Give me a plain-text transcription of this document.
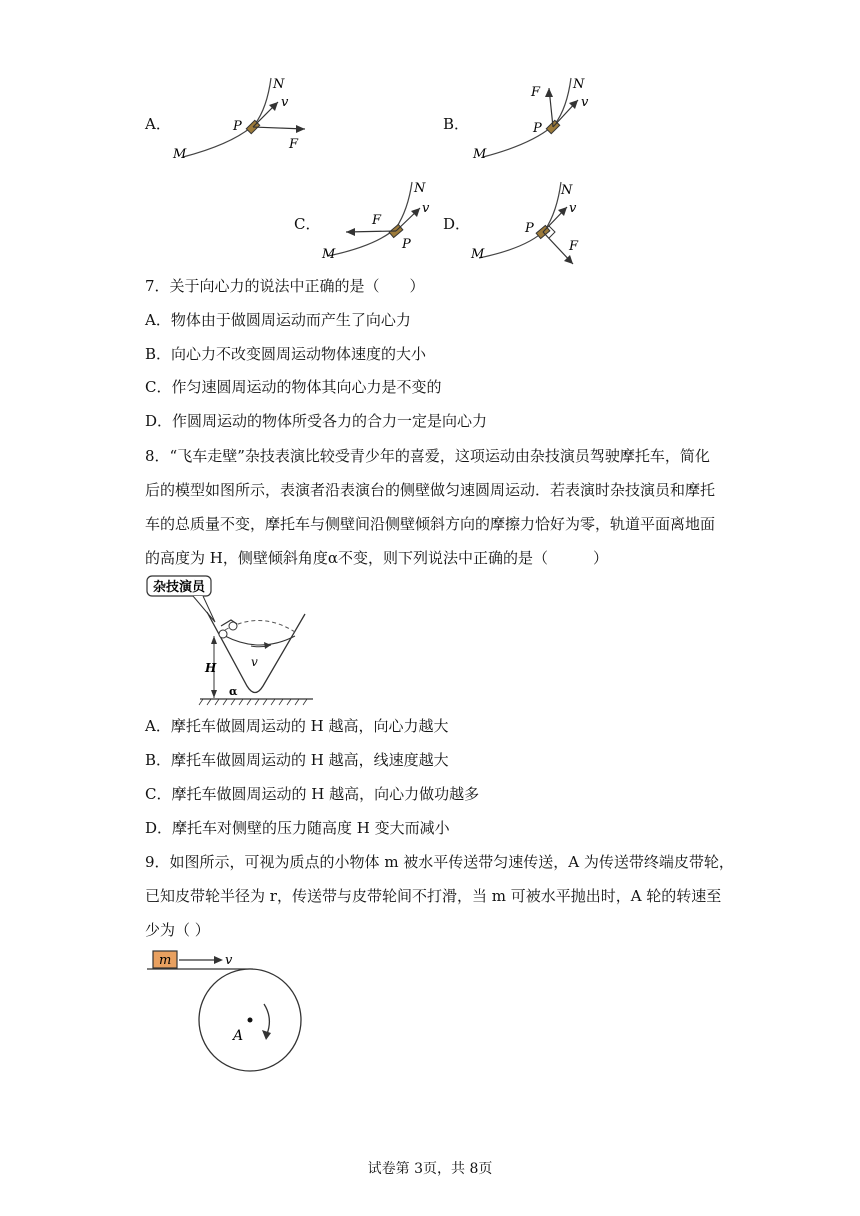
A．
M
P
N
v
F
B．
M
P
N
v
F
C．
M
P
N
v
F	D．
M
P
N
v
F
7．关于向心力的说法中正确的是（　　）
A．物体由于做圆周运动而产生了向心力
B．向心力不改变圆周运动物体速度的大小
C．作匀速圆周运动的物体其向心力是不变的
D．作圆周运动的物体所受各力的合力一定是向心力
8．“飞车走壁”杂技表演比较受青少年的喜爱，这项运动由杂技演员驾驶摩托车，简化
后的模型如图所示，表演者沿表演台的侧壁做匀速圆周运动．若表演时杂技演员和摩托
车的总质量不变，摩托车与侧壁间沿侧壁倾斜方向的摩擦力恰好为零，轨道平面离地面
的高度为 H，侧壁倾斜角度α不变，则下列说法中正确的是（　　　）
杂技演员
v
H
α
A．摩托车做圆周运动的 H 越高，向心力越大
B．摩托车做圆周运动的 H 越高，线速度越大
C．摩托车做圆周运动的 H 越高，向心力做功越多
D．摩托车对侧壁的压力随高度 H 变大而减小
9．如图所示，可视为质点的小物体 m 被水平传送带匀速传送，A 为传送带终端皮带轮，
已知皮带轮半径为 r，传送带与皮带轮间不打滑，当 m 可被水平抛出时，A 轮的转速至
少为（ ）
m	v
A
试卷第 3页，共 8页
